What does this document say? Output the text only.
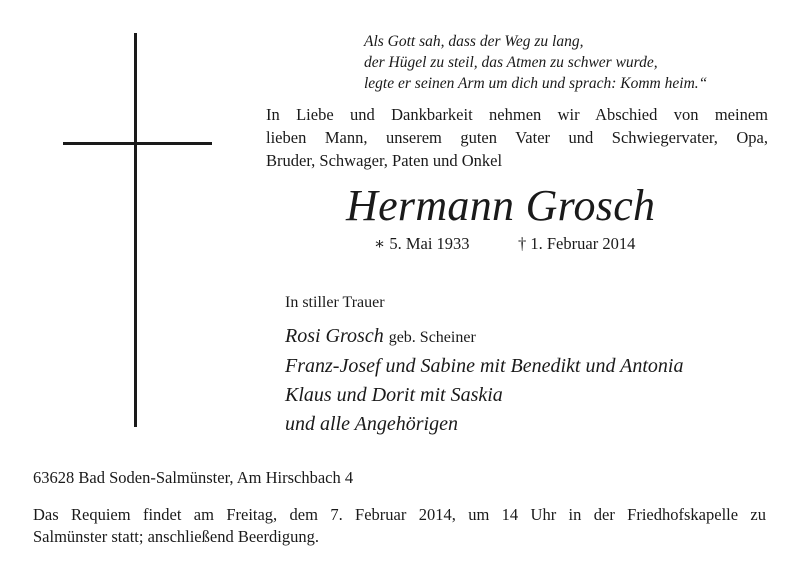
Als Gott sah, dass der Weg zu lang,
der Hügel zu steil, das Atmen zu schwer wurde,
legte er seinen Arm um dich und sprach: Komm heim.“
In Liebe und Dankbarkeit nehmen wir Abschied von meinem
lieben Mann, unserem guten Vater und Schwiegervater, Opa,
Bruder, Schwager, Paten und Onkel
Hermann Grosch
∗ 5. Mai 1933	† 1. Februar 2014
In stiller Trauer
Rosi Grosch geb. Scheiner
Franz-Josef und Sabine mit Benedikt und Antonia
Klaus und Dorit mit Saskia
und alle Angehörigen
63628 Bad Soden-Salmünster, Am Hirschbach 4
Das Requiem findet am Freitag, dem 7. Februar 2014, um 14 Uhr in der Friedhofskapelle zu
Salmünster statt; anschließend Beerdigung.
